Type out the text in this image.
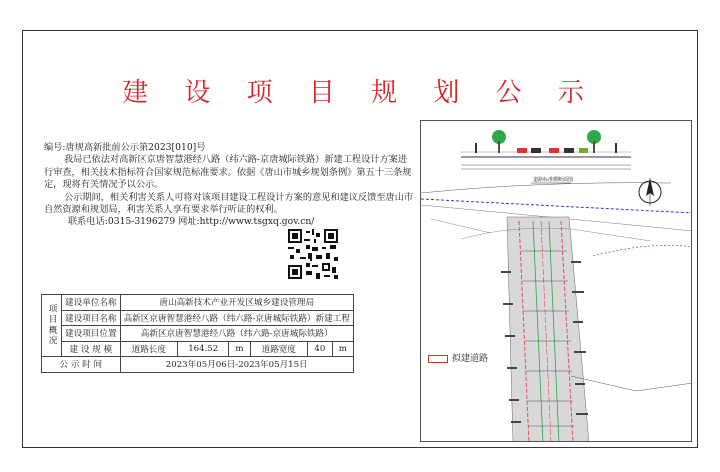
建 设 项 目 规 划 公 示

编号:唐规高新批前公示第2023[010]号

我局已依法对高新区京唐智慧港经八路（纬六路-京唐城际铁路）新建工程设计方案进行审查，相关技术指标符合国家规范标准要求。依据《唐山市城乡规划条例》第五十三条规定，现将有关情况予以公示。

公示期间，相关利害关系人可将对该项目建设工程设计方案的意见和建议反馈至唐山市自然资源和规划局，利害关系人享有要求举行听证的权利。

联系电话:0315-3196279 网址:http://www.tsgxq.gov.cn/

项目概况	建设单位名称	唐山高新技术产业开发区城乡建设管理局					
	建设项目名称	高新区京唐智慧港经八路（纬六路-京唐城际铁路）新建工程					
	建设项目位置	高新区京唐智慧港经八路（纬六路-京唐城际铁路）					
	建 设 规 模	道路长度	164.52	m	道路宽度	40	m
公 示 时 间		2023年05月06日-2023年05月15日					
道路标准横断面图
拟建道路
